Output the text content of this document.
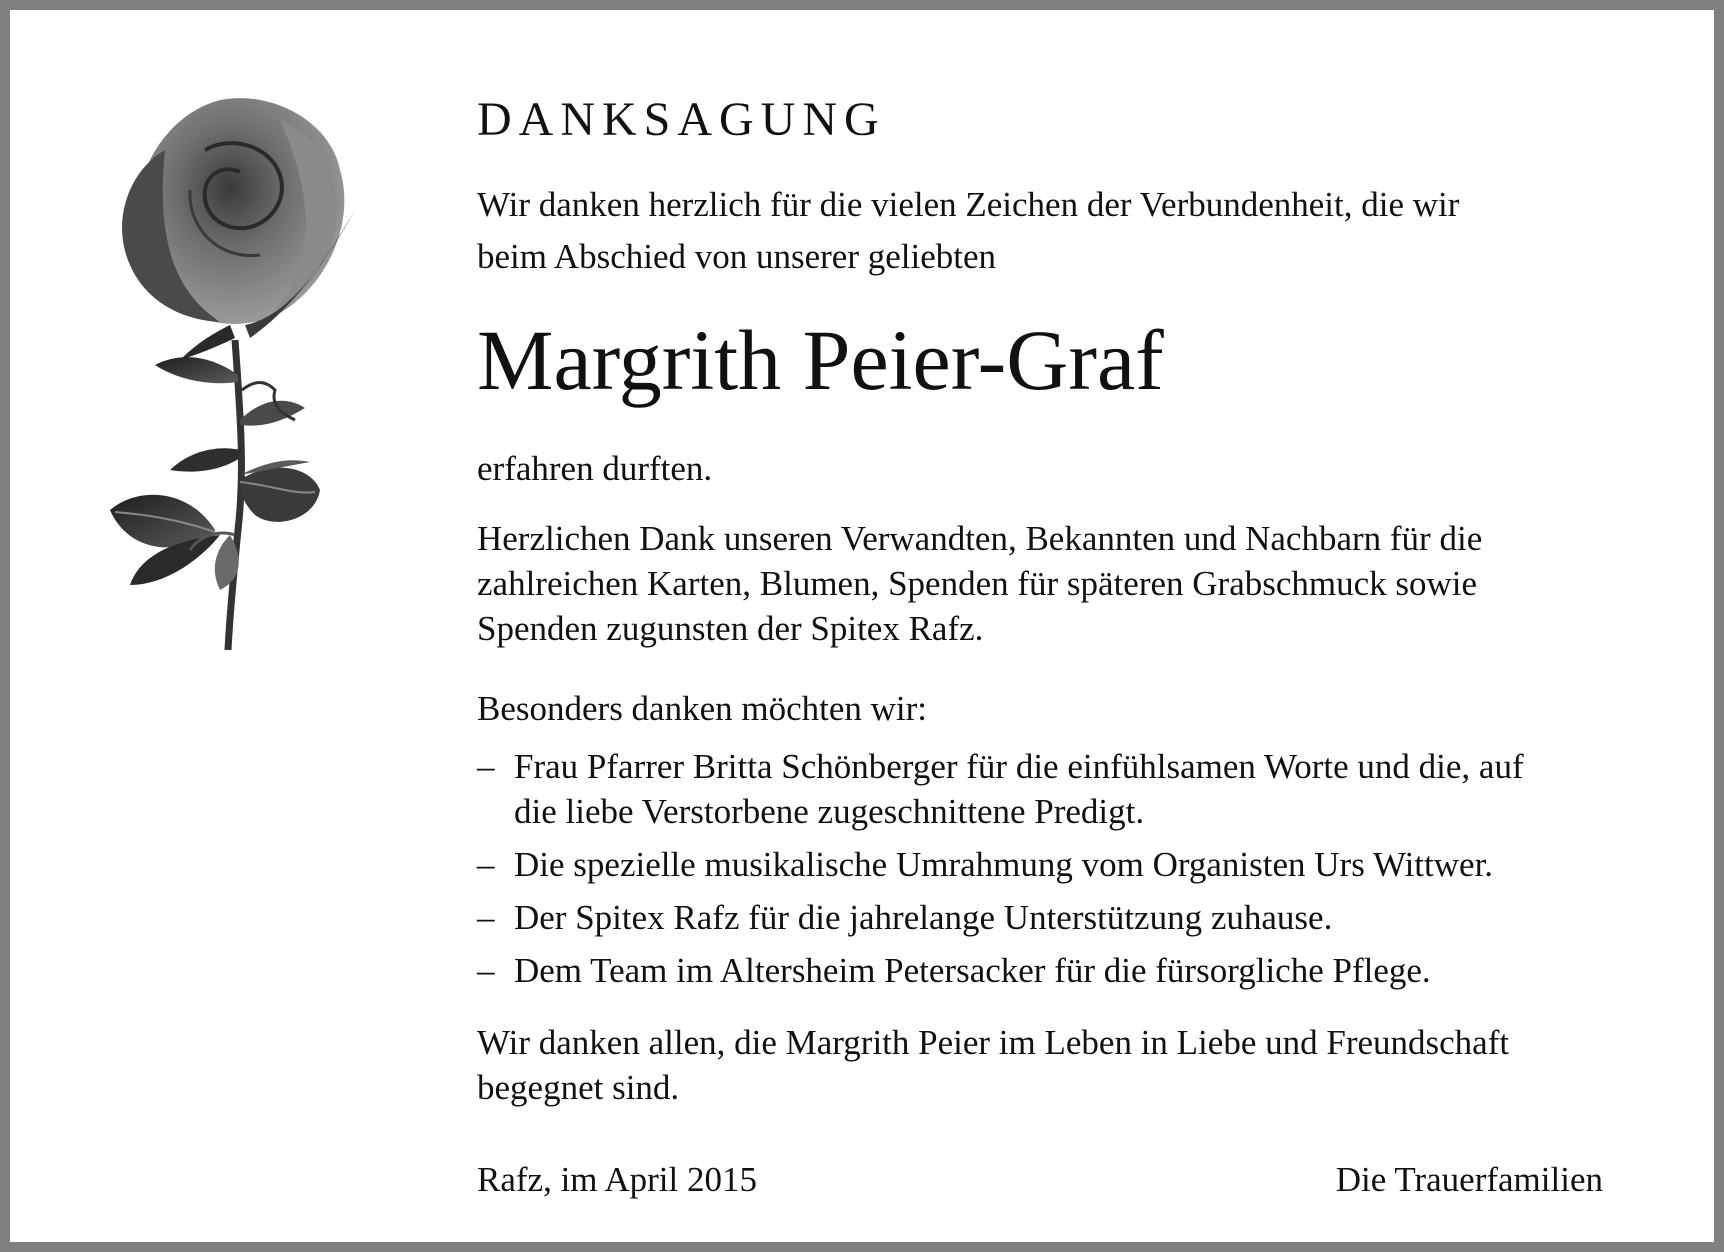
DANKSAGUNG
Wir danken herzlich für die vielen Zeichen der Verbundenheit, die wir
beim Abschied von unserer geliebten
Margrith Peier-Graf
erfahren durften.
Herzlichen Dank unseren Verwandten, Bekannten und Nachbarn für die
zahlreichen Karten, Blumen, Spenden für späteren Grabschmuck sowie
Spenden zugunsten der Spitex Rafz.
Besonders danken möchten wir:
– Frau Pfarrer Britta Schönberger für die einfühlsamen Worte und die, auf
die liebe Verstorbene zugeschnittene Predigt.
– Die spezielle musikalische Umrahmung vom Organisten Urs Wittwer.
– Der Spitex Rafz für die jahrelange Unterstützung zuhause.
– Dem Team im Altersheim Petersacker für die fürsorgliche Pflege.
Wir danken allen, die Margrith Peier im Leben in Liebe und Freundschaft
begegnet sind.
Rafz, im April 2015	Die Trauerfamilien
